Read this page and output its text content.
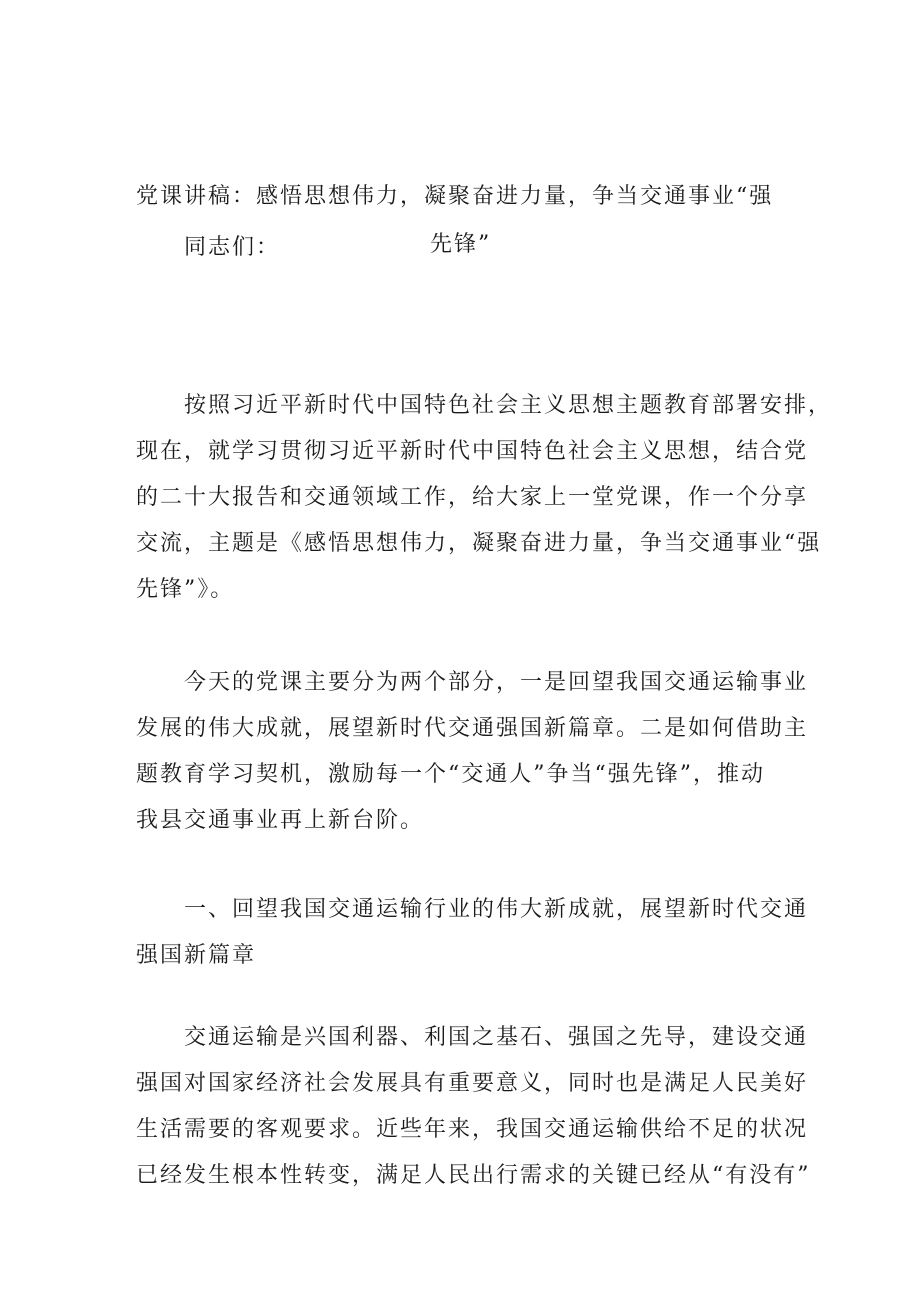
党课讲稿：感悟思想伟力，凝聚奋进力量，争当交通事业“强
先锋”
同志们：
按照习近平新时代中国特色社会主义思想主题教育部署安排，
现在，就学习贯彻习近平新时代中国特色社会主义思想，结合党
的二十大报告和交通领域工作，给大家上一堂党课，作一个分享
交流，主题是《感悟思想伟力，凝聚奋进力量，争当交通事业“强
先锋”》。
今天的党课主要分为两个部分，一是回望我国交通运输事业
发展的伟大成就，展望新时代交通强国新篇章。二是如何借助主
题教育学习契机，激励每一个“交通人”争当“强先锋”，推动
我县交通事业再上新台阶。
一、回望我国交通运输行业的伟大新成就，展望新时代交通
强国新篇章
交通运输是兴国利器、利国之基石、强国之先导，建设交通
强国对国家经济社会发展具有重要意义，同时也是满足人民美好
生活需要的客观要求。近些年来，我国交通运输供给不足的状况
已经发生根本性转变，满足人民出行需求的关键已经从“有没有”
